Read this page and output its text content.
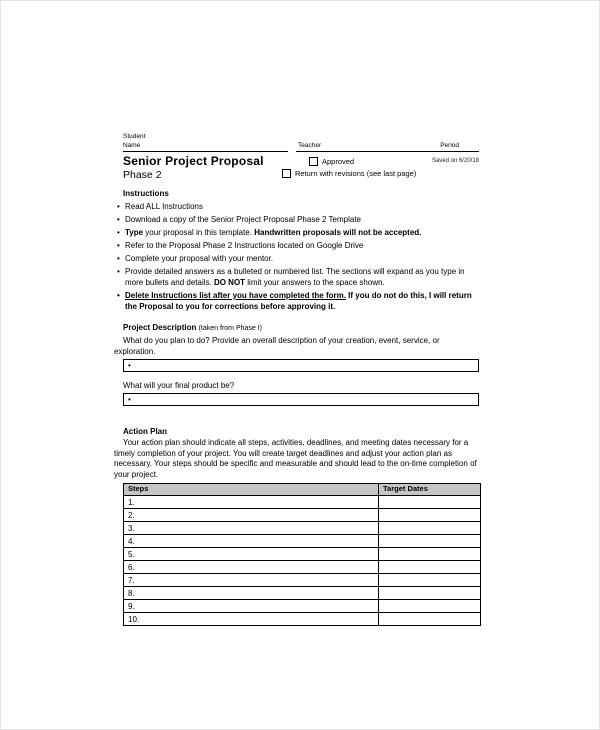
Student
Name	Teacher	Period
Senior Project Proposal
Phase 2
Saved on 6/20/18
Approved
Return with revisions (see last page)
Instructions
• Read ALL Instructions
• Download a copy of the Senior Project Proposal Phase 2 Template
• Type your proposal in this template. Handwritten proposals will not be accepted.
• Refer to the Proposal Phase 2 Instructions located on Google Drive
• Complete your proposal with your mentor.
• Provide detailed answers as a bulleted or numbered list. The sections will expand as you type in more bullets and details. DO NOT limit your answers to the space shown.
• Delete Instructions list after you have completed the form. If you do not do this, I will return the Proposal to you for corrections before approving it.
Project Description (taken from Phase I)

What do you plan to do? Provide an overall description of your creation, event, service, or exploration.

•

What will your final product be?

•
Action Plan

Your action plan should indicate all steps, activities, deadlines, and meeting dates necessary for a timely completion of your project. You will create target deadlines and adjust your action plan as necessary. Your steps should be specific and measurable and should lead to the on-time completion of your project.

Steps	Target Dates
1.	
2.	
3.	
4.	
5.	
6.	
7.	
8.	
9.	
10.	
